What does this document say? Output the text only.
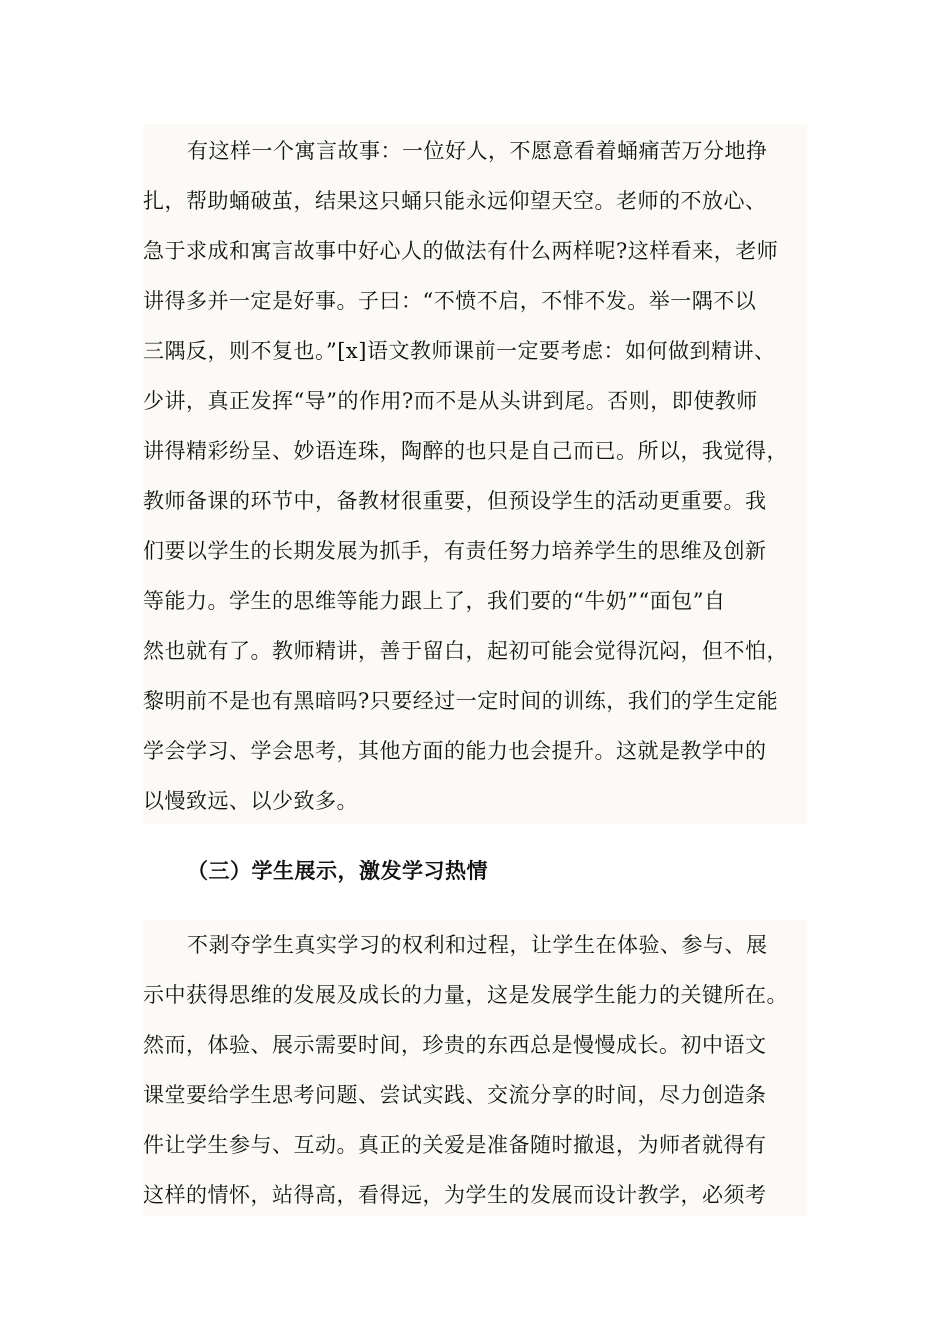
有这样一个寓言故事：一位好人，不愿意看着蛹痛苦万分地挣
扎，帮助蛹破茧，结果这只蛹只能永远仰望天空。老师的不放心、
急于求成和寓言故事中好心人的做法有什么两样呢?这样看来，老师
讲得多并一定是好事。子曰：“不愤不启，不悱不发。举一隅不以
三隅反，则不复也。”[x]语文教师课前一定要考虑：如何做到精讲、
少讲，真正发挥“导”的作用?而不是从头讲到尾。否则，即使教师
讲得精彩纷呈、妙语连珠，陶醉的也只是自己而已。所以，我觉得，
教师备课的环节中，备教材很重要，但预设学生的活动更重要。我
们要以学生的长期发展为抓手，有责任努力培养学生的思维及创新
等能力。学生的思维等能力跟上了，我们要的“牛奶”“面包”自
然也就有了。教师精讲，善于留白，起初可能会觉得沉闷，但不怕，
黎明前不是也有黑暗吗?只要经过一定时间的训练，我们的学生定能
学会学习、学会思考，其他方面的能力也会提升。这就是教学中的
以慢致远、以少致多。
（三）学生展示，激发学习热情
不剥夺学生真实学习的权利和过程，让学生在体验、参与、展
示中获得思维的发展及成长的力量，这是发展学生能力的关键所在。
然而，体验、展示需要时间，珍贵的东西总是慢慢成长。初中语文
课堂要给学生思考问题、尝试实践、交流分享的时间，尽力创造条
件让学生参与、互动。真正的关爱是准备随时撤退，为师者就得有
这样的情怀，站得高，看得远，为学生的发展而设计教学，必须考
